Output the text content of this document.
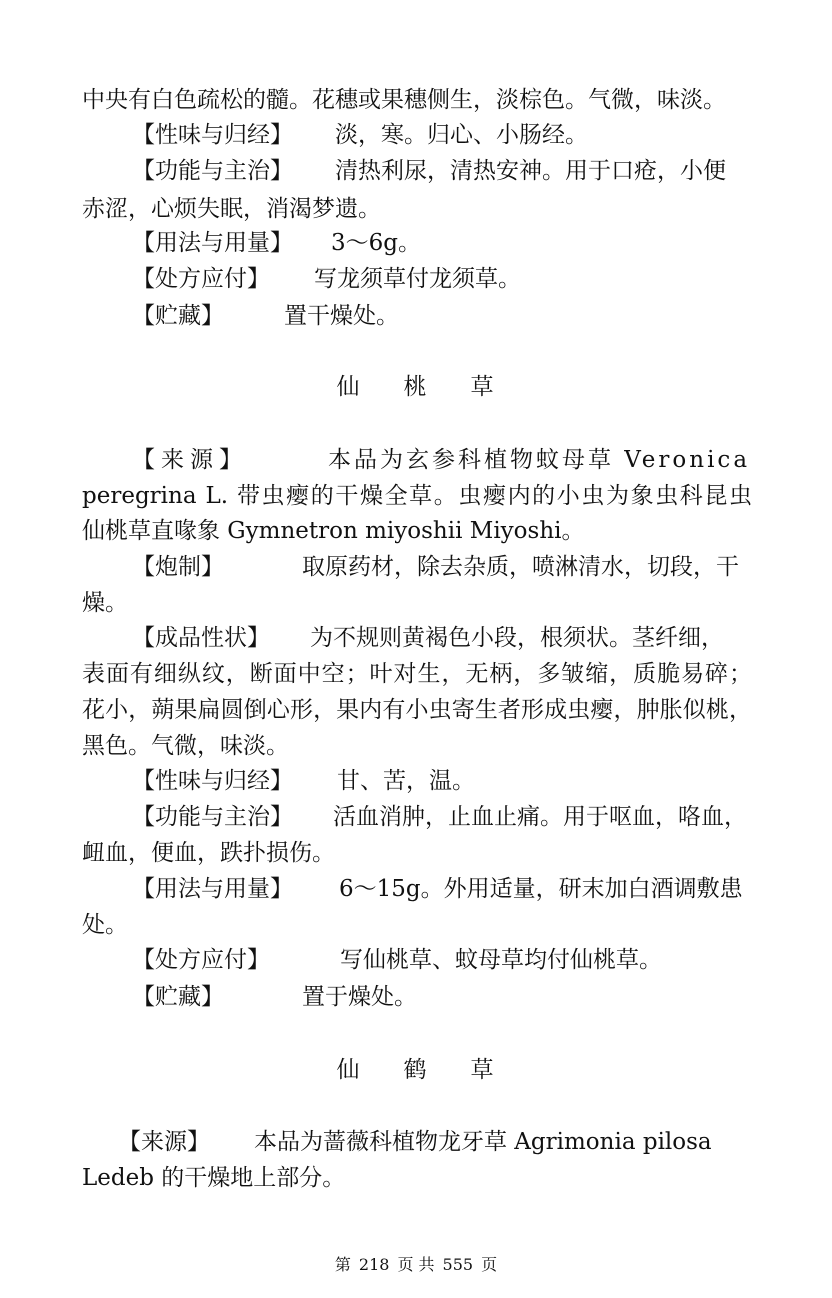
中央有白色疏松的髓。花穗或果穗侧生，淡棕色。气微，味淡。
【性味与归经】 淡，寒。归心、小肠经。
【功能与主治】 清热利尿，清热安神。用于口疮，小便
赤涩，心烦失眠，消渴梦遗。
【用法与用量】 3～6g。
【处方应付】 写龙须草付龙须草。
【贮藏】	置干燥处。
仙 桃 草
【来源】	本品为玄参科植物蚊母草 Veronica
peregrina L. 带虫瘿的干燥全草。虫瘿内的小虫为象虫科昆虫
仙桃草直喙象 Gymnetron miyoshii Miyoshi。
【炮制】	取原药材，除去杂质，喷淋清水，切段，干
燥。
【成品性状】 为不规则黄褐色小段，根须状。茎纤细，
表面有细纵纹，断面中空；叶对生，无柄，多皱缩，质脆易碎；
花小，蒴果扁圆倒心形，果内有小虫寄生者形成虫瘿，肿胀似桃，
黑色。气微，味淡。
【性味与归经】 甘、苦，温。
【功能与主治】 活血消肿，止血止痛。用于呕血，咯血，
衄血，便血，跌扑损伤。
【用法与用量】 6～15g。外用适量，研末加白酒调敷患
处。
【处方应付】	写仙桃草、蚊母草均付仙桃草。
【贮藏】	置于燥处。
仙 鹤 草
【来源】 本品为蔷薇科植物龙牙草 Agrimonia pilosa
Ledeb 的干燥地上部分。
第 218 页 共 555 页
